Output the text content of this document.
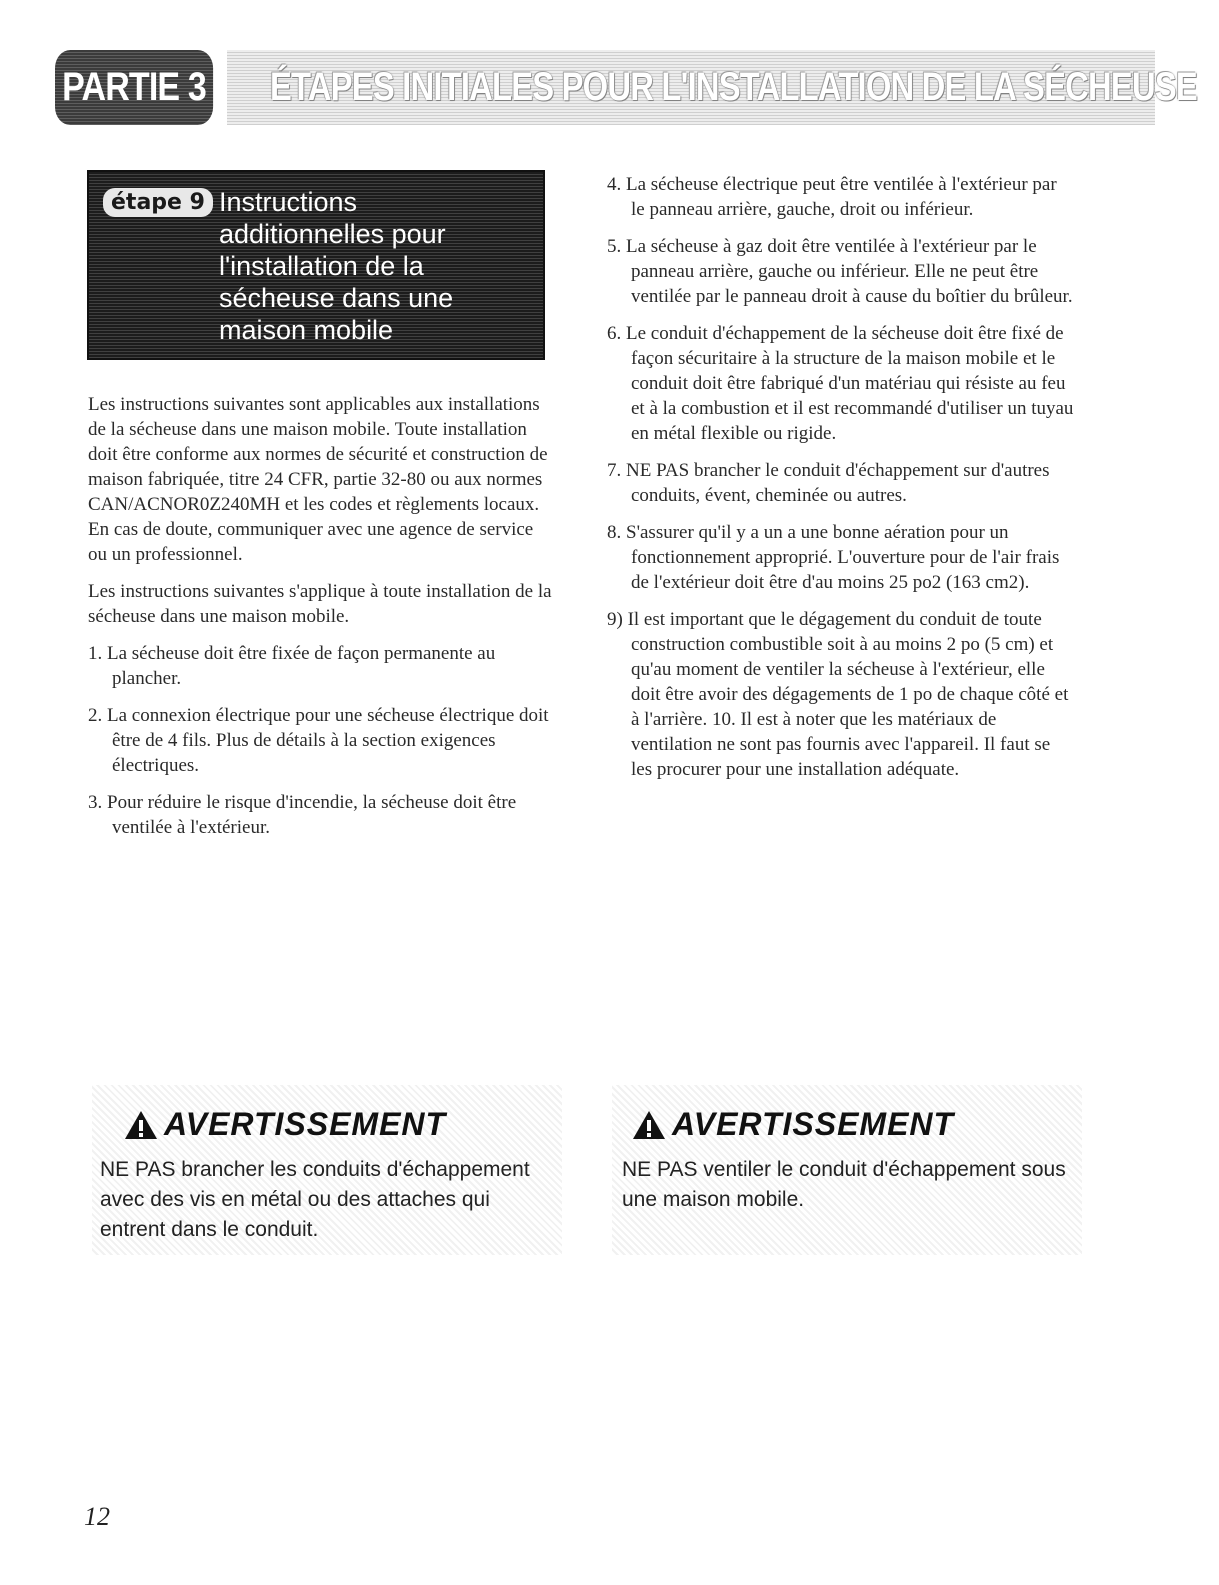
PARTIE 3 ÉTAPES INITIALES POUR L'INSTALLATION DE LA SÉCHEUSE
étape 9 Instructions
additionnelles pour
l'installation de la
sécheuse dans une
maison mobile

Les instructions suivantes sont applicables aux installations de la sécheuse dans une maison mobile. Toute installation doit être conforme aux normes de sécurité et construction de maison fabriquée, titre 24 CFR, partie 32-80 ou aux normes CAN/ACNOR0Z240MH et les codes et règlements locaux. En cas de doute, communiquer avec une agence de service ou un professionnel.

Les instructions suivantes s'applique à toute installation de la sécheuse dans une maison mobile.

1. La sécheuse doit être fixée de façon permanente au plancher.

2. La connexion électrique pour une sécheuse électrique doit être de 4 fils. Plus de détails à la section exigences électriques.

3. Pour réduire le risque d'incendie, la sécheuse doit être ventilée à l'extérieur.

4. La sécheuse électrique peut être ventilée à l'extérieur par le panneau arrière, gauche, droit ou inférieur.

5. La sécheuse à gaz doit être ventilée à l'extérieur par le panneau arrière, gauche ou inférieur. Elle ne peut être ventilée par le panneau droit à cause du boîtier du brûleur.

6. Le conduit d'échappement de la sécheuse doit être fixé de façon sécuritaire à la structure de la maison mobile et le conduit doit être fabriqué d'un matériau qui résiste au feu et à la combustion et il est recommandé d'utiliser un tuyau en métal flexible ou rigide.

7. NE PAS brancher le conduit d'échappement sur d'autres conduits, évent, cheminée ou autres.

8. S'assurer qu'il y a un a une bonne aération pour un fonctionnement approprié. L'ouverture pour de l'air frais de l'extérieur doit être d'au moins 25 po2 (163 cm2).

9) Il est important que le dégagement du conduit de toute construction combustible soit à au moins 2 po (5 cm) et qu'au moment de ventiler la sécheuse à l'extérieur, elle doit être avoir des dégagements de 1 po de chaque côté et à l'arrière. 10. Il est à noter que les matériaux de ventilation ne sont pas fournis avec l'appareil. Il faut se les procurer pour une installation adéquate.

AVERTISSEMENT
NE PAS brancher les conduits d'échappement avec des vis en métal ou des attaches qui entrent dans le conduit.
AVERTISSEMENT
NE PAS ventiler le conduit d'échappement sous une maison mobile.
12
